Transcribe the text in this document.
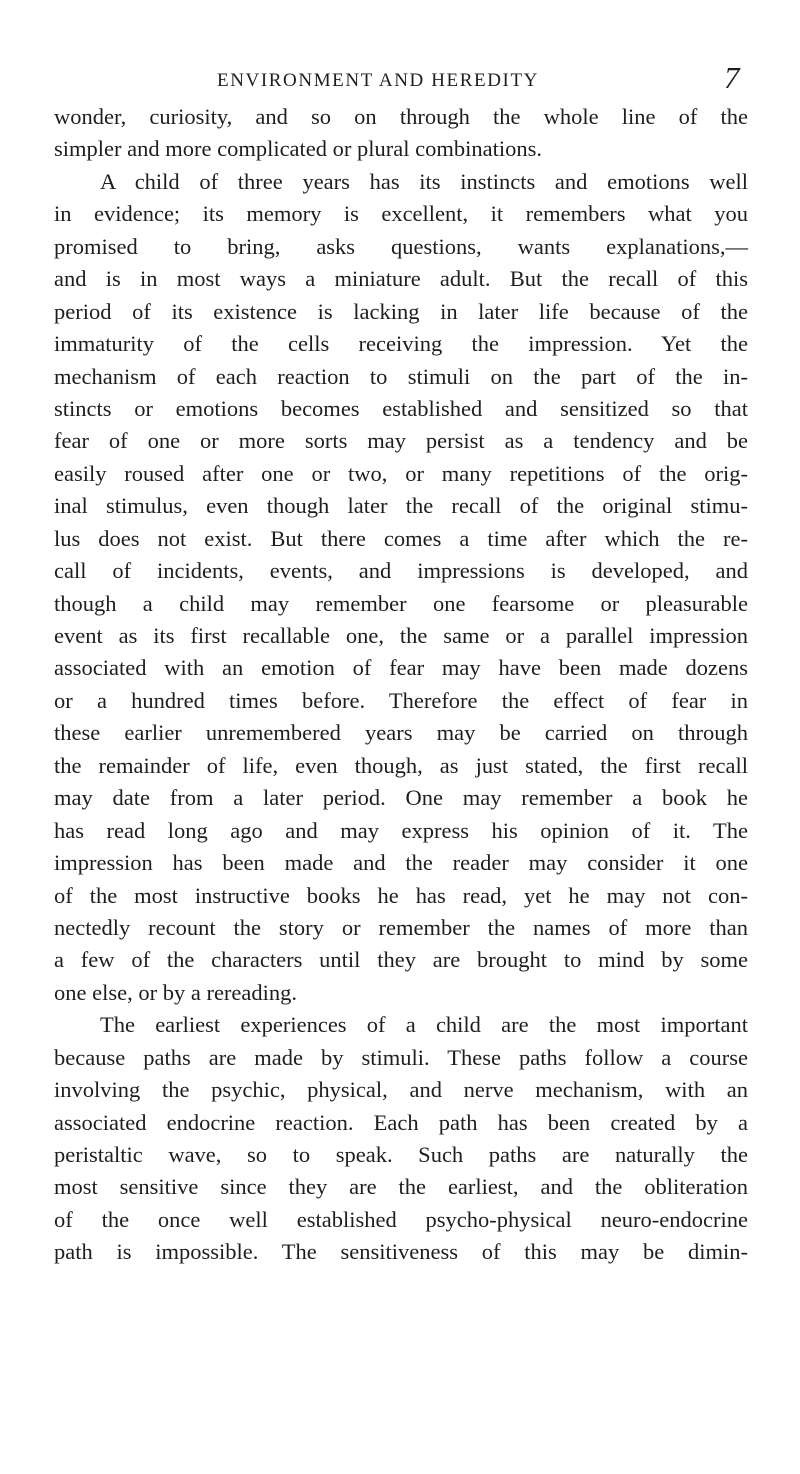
ENVIRONMENT AND HEREDITY	7
wonder, curiosity, and so on through the whole line of the
simpler and more complicated or plural combinations.
A child of three years has its instincts and emotions well
in evidence; its memory is excellent, it remembers what you
promised to bring, asks questions, wants explanations,—
and is in most ways a miniature adult. But the recall of this
period of its existence is lacking in later life because of the
immaturity of the cells receiving the impression. Yet the
mechanism of each reaction to stimuli on the part of the in-
stincts or emotions becomes established and sensitized so that
fear of one or more sorts may persist as a tendency and be
easily roused after one or two, or many repetitions of the orig-
inal stimulus, even though later the recall of the original stimu-
lus does not exist. But there comes a time after which the re-
call of incidents, events, and impressions is developed, and
though a child may remember one fearsome or pleasurable
event as its first recallable one, the same or a parallel impression
associated with an emotion of fear may have been made dozens
or a hundred times before. Therefore the effect of fear in
these earlier unremembered years may be carried on through
the remainder of life, even though, as just stated, the first recall
may date from a later period. One may remember a book he
has read long ago and may express his opinion of it. The
impression has been made and the reader may consider it one
of the most instructive books he has read, yet he may not con-
nectedly recount the story or remember the names of more than
a few of the characters until they are brought to mind by some
one else, or by a rereading.
The earliest experiences of a child are the most important
because paths are made by stimuli. These paths follow a course
involving the psychic, physical, and nerve mechanism, with an
associated endocrine reaction. Each path has been created by a
peristaltic wave, so to speak. Such paths are naturally the
most sensitive since they are the earliest, and the obliteration
of the once well established psycho-physical neuro-endocrine
path is impossible. The sensitiveness of this may be dimin-
